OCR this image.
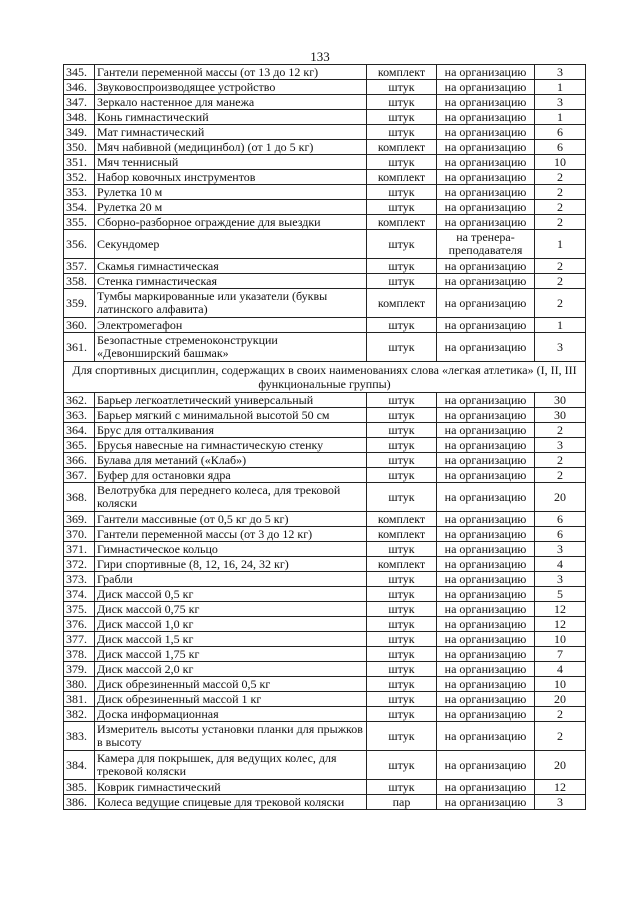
133
345.	Гантели переменной массы (от 13 до 12 кг)	комплект	на организацию	3
346.	Звуковоспроизводящее устройство	штук	на организацию	1
347.	Зеркало настенное для манежа	штук	на организацию	3
348.	Конь гимнастический	штук	на организацию	1
349.	Мат гимнастический	штук	на организацию	6
350.	Мяч набивной (медицинбол) (от 1 до 5 кг)	комплект	на организацию	6
351.	Мяч теннисный	штук	на организацию	10
352.	Набор ковочных инструментов	комплект	на организацию	2
353.	Рулетка 10 м	штук	на организацию	2
354.	Рулетка 20 м	штук	на организацию	2
355.	Сборно-разборное ограждение для выездки	комплект	на организацию	2
356.	Секундомер	штук	на тренера-преподавателя	1
357.	Скамья гимнастическая	штук	на организацию	2
358.	Стенка гимнастическая	штук	на организацию	2
359.	Тумбы маркированные или указатели (буквы латинского алфавита)	комплект	на организацию	2
360.	Электромегафон	штук	на организацию	1
361.	Безопастные стременоконструкции «Девонширский башмак»	штук	на организацию	3
Для спортивных дисциплин, содержащих в своих наименованиях слова «легкая атлетика» (I, II, III функциональные группы)				
362.	Барьер легкоатлетический универсальный	штук	на организацию	30
363.	Барьер мягкий с минимальной высотой 50 см	штук	на организацию	30
364.	Брус для отталкивания	штук	на организацию	2
365.	Брусья навесные на гимнастическую стенку	штук	на организацию	3
366.	Булава для метаний («Клаб»)	штук	на организацию	2
367.	Буфер для остановки ядра	штук	на организацию	2
368.	Велотрубка для переднего колеса, для трековой коляски	штук	на организацию	20
369.	Гантели массивные (от 0,5 кг до 5 кг)	комплект	на организацию	6
370.	Гантели переменной массы (от 3 до 12 кг)	комплект	на организацию	6
371.	Гимнастическое кольцо	штук	на организацию	3
372.	Гири спортивные (8, 12, 16, 24, 32 кг)	комплект	на организацию	4
373.	Грабли	штук	на организацию	3
374.	Диск массой 0,5 кг	штук	на организацию	5
375.	Диск массой 0,75 кг	штук	на организацию	12
376.	Диск массой 1,0 кг	штук	на организацию	12
377.	Диск массой 1,5 кг	штук	на организацию	10
378.	Диск массой 1,75 кг	штук	на организацию	7
379.	Диск массой 2,0 кг	штук	на организацию	4
380.	Диск обрезиненный массой 0,5 кг	штук	на организацию	10
381.	Диск обрезиненный массой 1 кг	штук	на организацию	20
382.	Доска информационная	штук	на организацию	2
383.	Измеритель высоты установки планки для прыжков в высоту	штук	на организацию	2
384.	Камера для покрышек, для ведущих колес, для трековой коляски	штук	на организацию	20
385.	Коврик гимнастический	штук	на организацию	12
386.	Колеса ведущие спицевые для трековой коляски	пар	на организацию	3
